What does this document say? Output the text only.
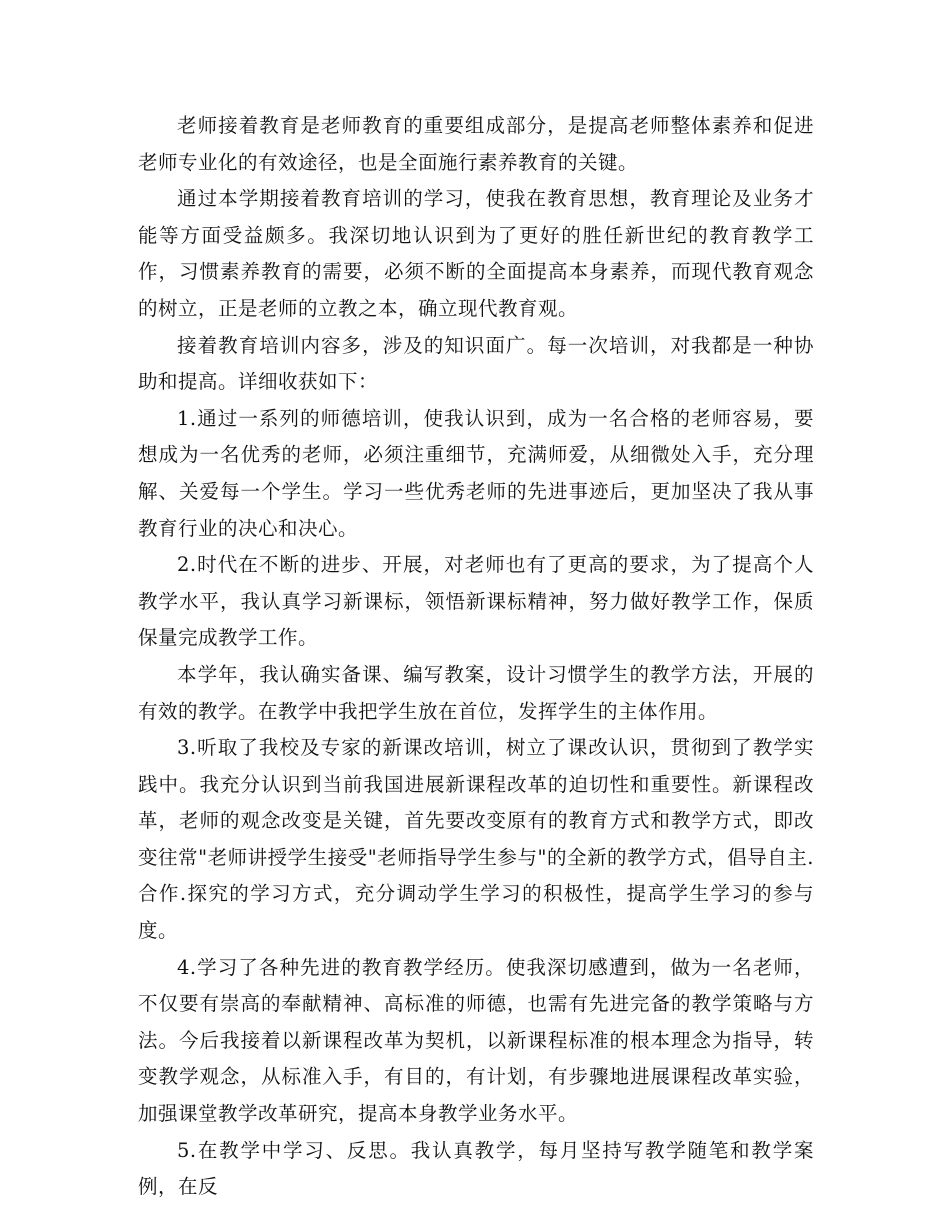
老师接着教育是老师教育的重要组成部分，是提高老师整体素养和促进老师专业化的有效途径，也是全面施行素养教育的关键。

通过本学期接着教育培训的学习，使我在教育思想，教育理论及业务才能等方面受益颇多。我深切地认识到为了更好的胜任新世纪的教育教学工作，习惯素养教育的需要，必须不断的全面提高本身素养，而现代教育观念的树立，正是老师的立教之本，确立现代教育观。

接着教育培训内容多，涉及的知识面广。每一次培训，对我都是一种协助和提高。详细收获如下：

1.通过一系列的师德培训，使我认识到，成为一名合格的老师容易，要想成为一名优秀的老师，必须注重细节，充满师爱，从细微处入手，充分理解、关爱每一个学生。学习一些优秀老师的先进事迹后，更加坚决了我从事教育行业的决心和决心。

2.时代在不断的进步、开展，对老师也有了更高的要求，为了提高个人教学水平，我认真学习新课标，领悟新课标精神，努力做好教学工作，保质保量完成教学工作。

本学年，我认确实备课、编写教案，设计习惯学生的教学方法，开展的有效的教学。在教学中我把学生放在首位，发挥学生的主体作用。

3.听取了我校及专家的新课改培训，树立了课改认识，贯彻到了教学实践中。我充分认识到当前我国进展新课程改革的迫切性和重要性。新课程改革，老师的观念改变是关键，首先要改变原有的教育方式和教学方式，即改变往常"老师讲授学生接受"老师指导学生参与"的全新的教学方式，倡导自主.合作.探究的学习方式，充分调动学生学习的积极性，提高学生学习的参与度。

4.学习了各种先进的教育教学经历。使我深切感遭到，做为一名老师，不仅要有崇高的奉献精神、高标准的师德，也需有先进完备的教学策略与方法。今后我接着以新课程改革为契机，以新课程标准的根本理念为指导，转变教学观念，从标准入手，有目的，有计划，有步骤地进展课程改革实验，加强课堂教学改革研究，提高本身教学业务水平。

5.在教学中学习、反思。我认真教学，每月坚持写教学随笔和教学案例，在反
